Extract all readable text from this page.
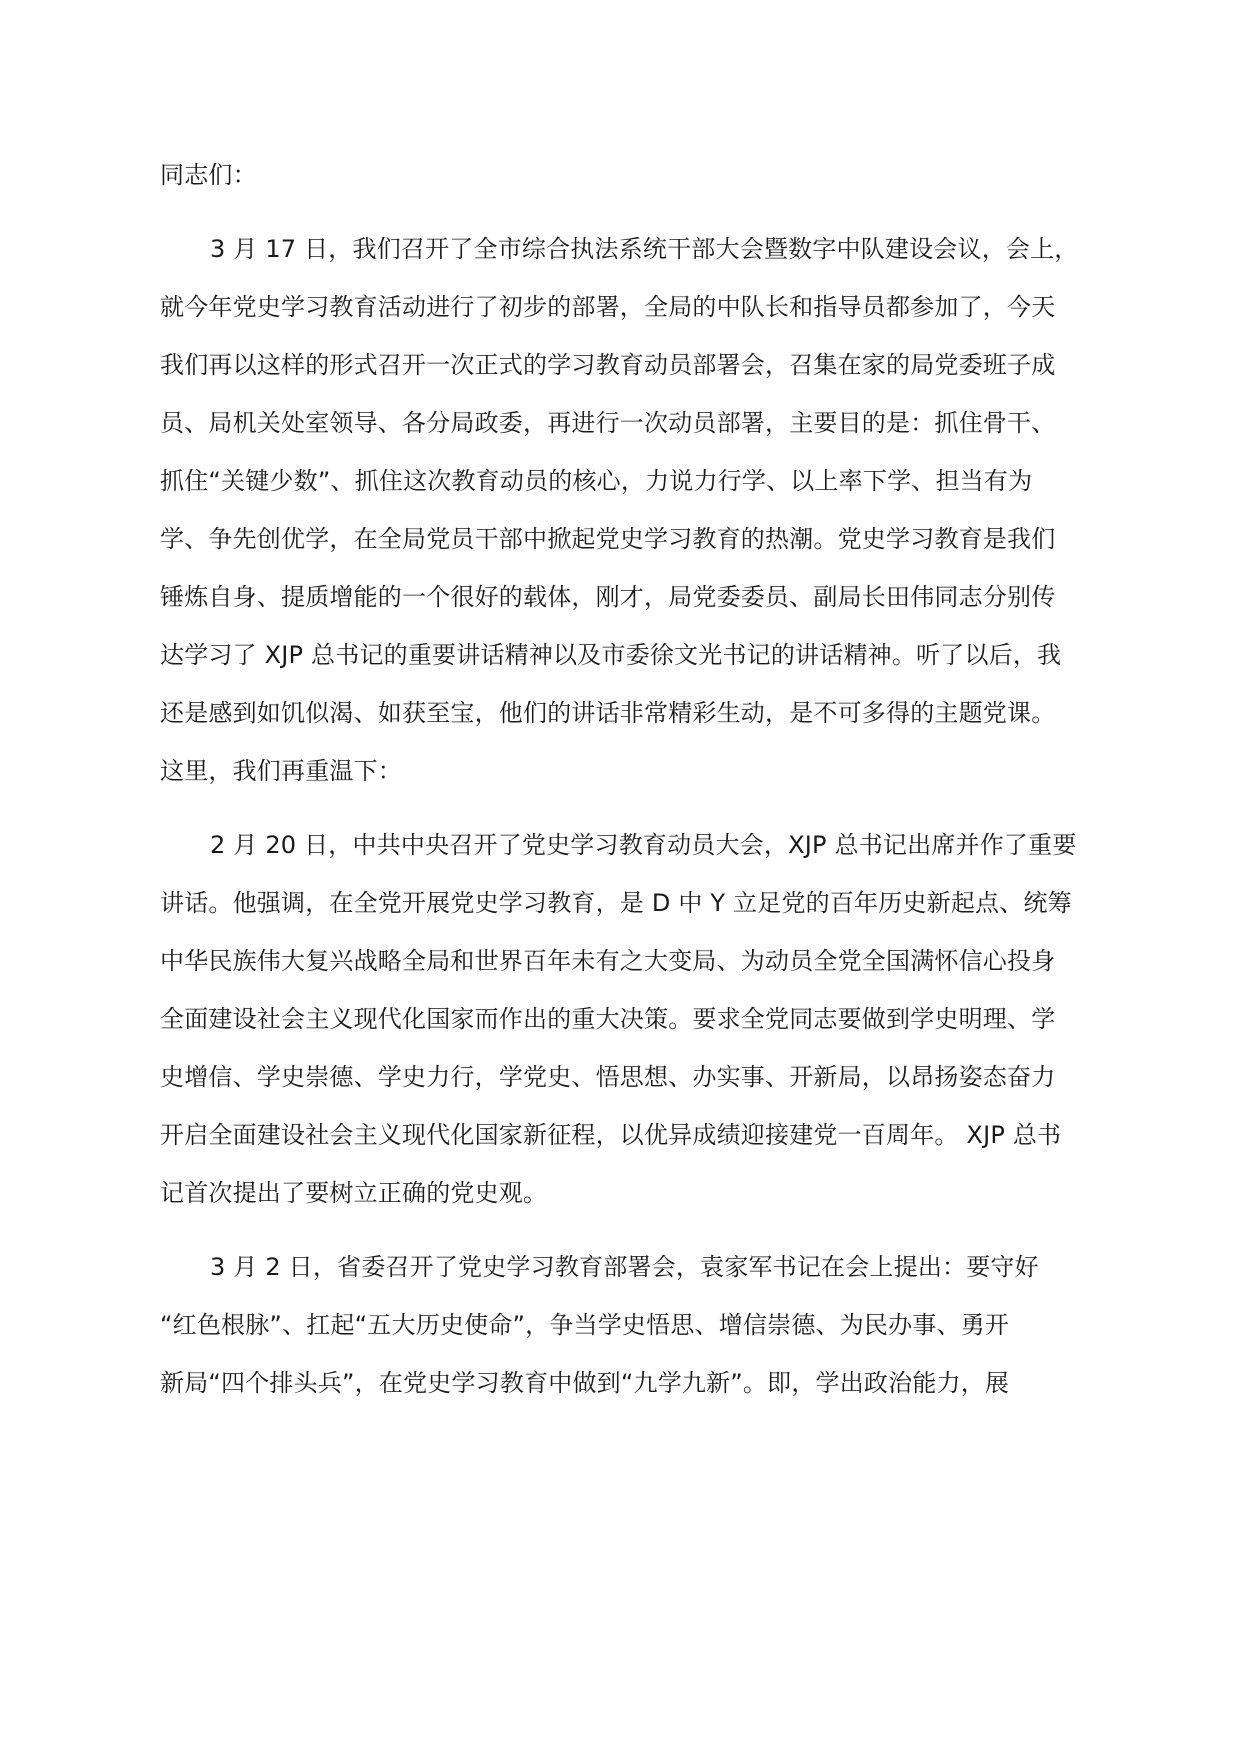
同志们：
3 月 17 日，我们召开了全市综合执法系统干部大会暨数字中队建设会议，会上，
就今年党史学习教育活动进行了初步的部署，全局的中队长和指导员都参加了，今天
我们再以这样的形式召开一次正式的学习教育动员部署会，召集在家的局党委班子成
员、局机关处室领导、各分局政委，再进行一次动员部署，主要目的是：抓住骨干、
抓住“关键少数”、抓住这次教育动员的核心，力说力行学、以上率下学、担当有为
学、争先创优学，在全局党员干部中掀起党史学习教育的热潮。党史学习教育是我们
锤炼自身、提质增能的一个很好的载体，刚才，局党委委员、副局长田伟同志分别传
达学习了 XJP 总书记的重要讲话精神以及市委徐文光书记的讲话精神。听了以后，我
还是感到如饥似渴、如获至宝，他们的讲话非常精彩生动，是不可多得的主题党课。
这里，我们再重温下：
2 月 20 日，中共中央召开了党史学习教育动员大会，XJP 总书记出席并作了重要
讲话。他强调，在全党开展党史学习教育，是 D 中 Y 立足党的百年历史新起点、统筹
中华民族伟大复兴战略全局和世界百年未有之大变局、为动员全党全国满怀信心投身
全面建设社会主义现代化国家而作出的重大决策。要求全党同志要做到学史明理、学
史增信、学史崇德、学史力行，学党史、悟思想、办实事、开新局，以昂扬姿态奋力
开启全面建设社会主义现代化国家新征程，以优异成绩迎接建党一百周年。 XJP 总书
记首次提出了要树立正确的党史观。
3 月 2 日，省委召开了党史学习教育部署会，袁家军书记在会上提出：要守好
“红色根脉”、扛起“五大历史使命”，争当学史悟思、增信崇德、为民办事、勇开
新局“四个排头兵”，在党史学习教育中做到“九学九新”。即，学出政治能力，展
